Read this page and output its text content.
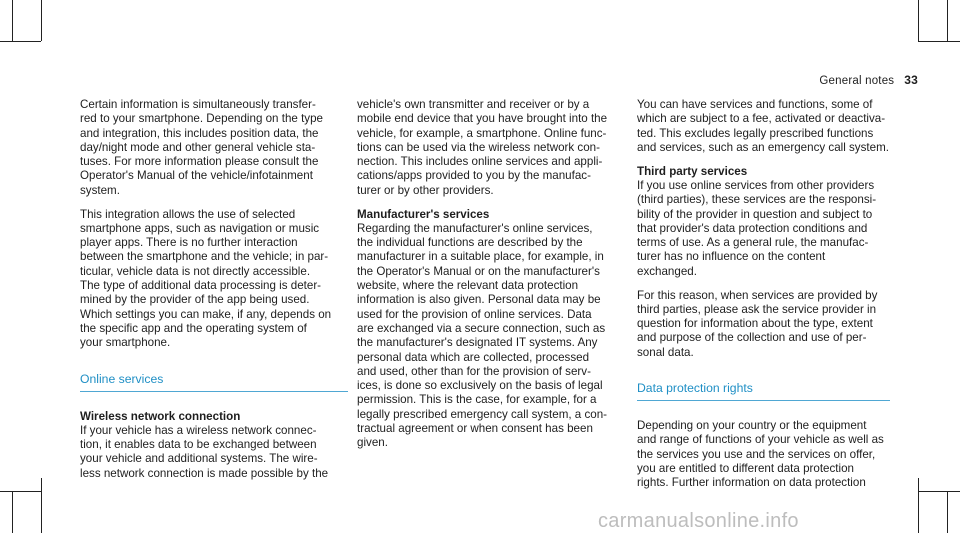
General notes 33

Certain information is simultaneously transfer-
red to your smartphone. Depending on the type
and integration, this includes position data, the
day/night mode and other general vehicle sta-
tuses. For more information please consult the
Operator's Manual of the vehicle/infotainment
system.

This integration allows the use of selected
smartphone apps, such as navigation or music
player apps. There is no further interaction
between the smartphone and the vehicle; in par-
ticular, vehicle data is not directly accessible.
The type of additional data processing is deter-
mined by the provider of the app being used.
Which settings you can make, if any, depends on
the specific app and the operating system of
your smartphone.

Online services
Wireless network connection

If your vehicle has a wireless network connec-
tion, it enables data to be exchanged between
your vehicle and additional systems. The wire-
less network connection is made possible by the

vehicle's own transmitter and receiver or by a
mobile end device that you have brought into the
vehicle, for example, a smartphone. Online func-
tions can be used via the wireless network con-
nection. This includes online services and appli-
cations/apps provided to you by the manufac-
turer or by other providers.

Manufacturer's services

Regarding the manufacturer's online services,
the individual functions are described by the
manufacturer in a suitable place, for example, in
the Operator's Manual or on the manufacturer's
website, where the relevant data protection
information is also given. Personal data may be
used for the provision of online services. Data
are exchanged via a secure connection, such as
the manufacturer's designated IT systems. Any
personal data which are collected, processed
and used, other than for the provision of serv-
ices, is done so exclusively on the basis of legal
permission. This is the case, for example, for a
legally prescribed emergency call system, a con-
tractual agreement or when consent has been
given.

You can have services and functions, some of
which are subject to a fee, activated or deactiva-
ted. This excludes legally prescribed functions
and services, such as an emergency call system.

Third party services

If you use online services from other providers
(third parties), these services are the responsi-
bility of the provider in question and subject to
that provider's data protection conditions and
terms of use. As a general rule, the manufac-
turer has no influence on the content
exchanged.

For this reason, when services are provided by
third parties, please ask the service provider in
question for information about the type, extent
and purpose of the collection and use of per-
sonal data.

Data protection rights

Depending on your country or the equipment
and range of functions of your vehicle as well as
the services you use and the services on offer,
you are entitled to different data protection
rights. Further information on data protection

carmanualsonline.info
